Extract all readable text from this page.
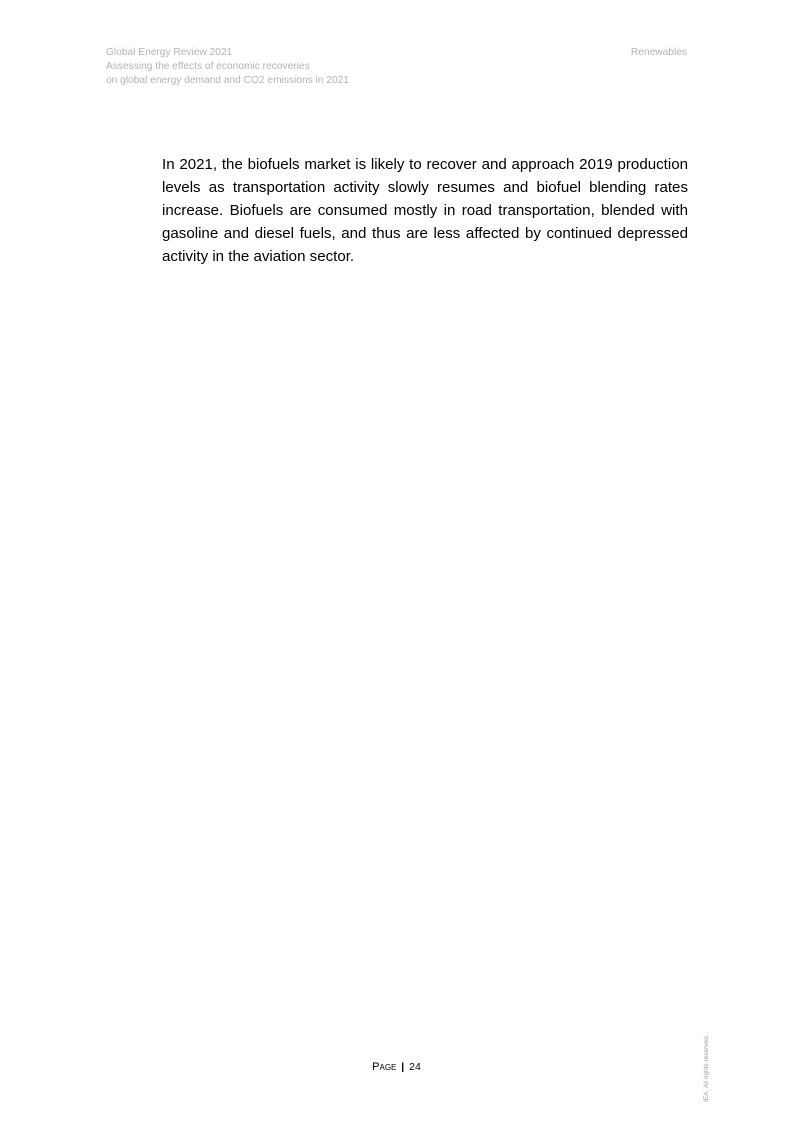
Global Energy Review 2021
Assessing the effects of economic recoveries
on global energy demand and CO2 emissions in 2021
Renewables

In 2021, the biofuels market is likely to recover and approach 2019 production levels as transportation activity slowly resumes and biofuel blending rates increase. Biofuels are consumed mostly in road transportation, blended with gasoline and diesel fuels, and thus are less affected by continued depressed activity in the aviation sector.

Page | 24	IEA. All rights reserved.
